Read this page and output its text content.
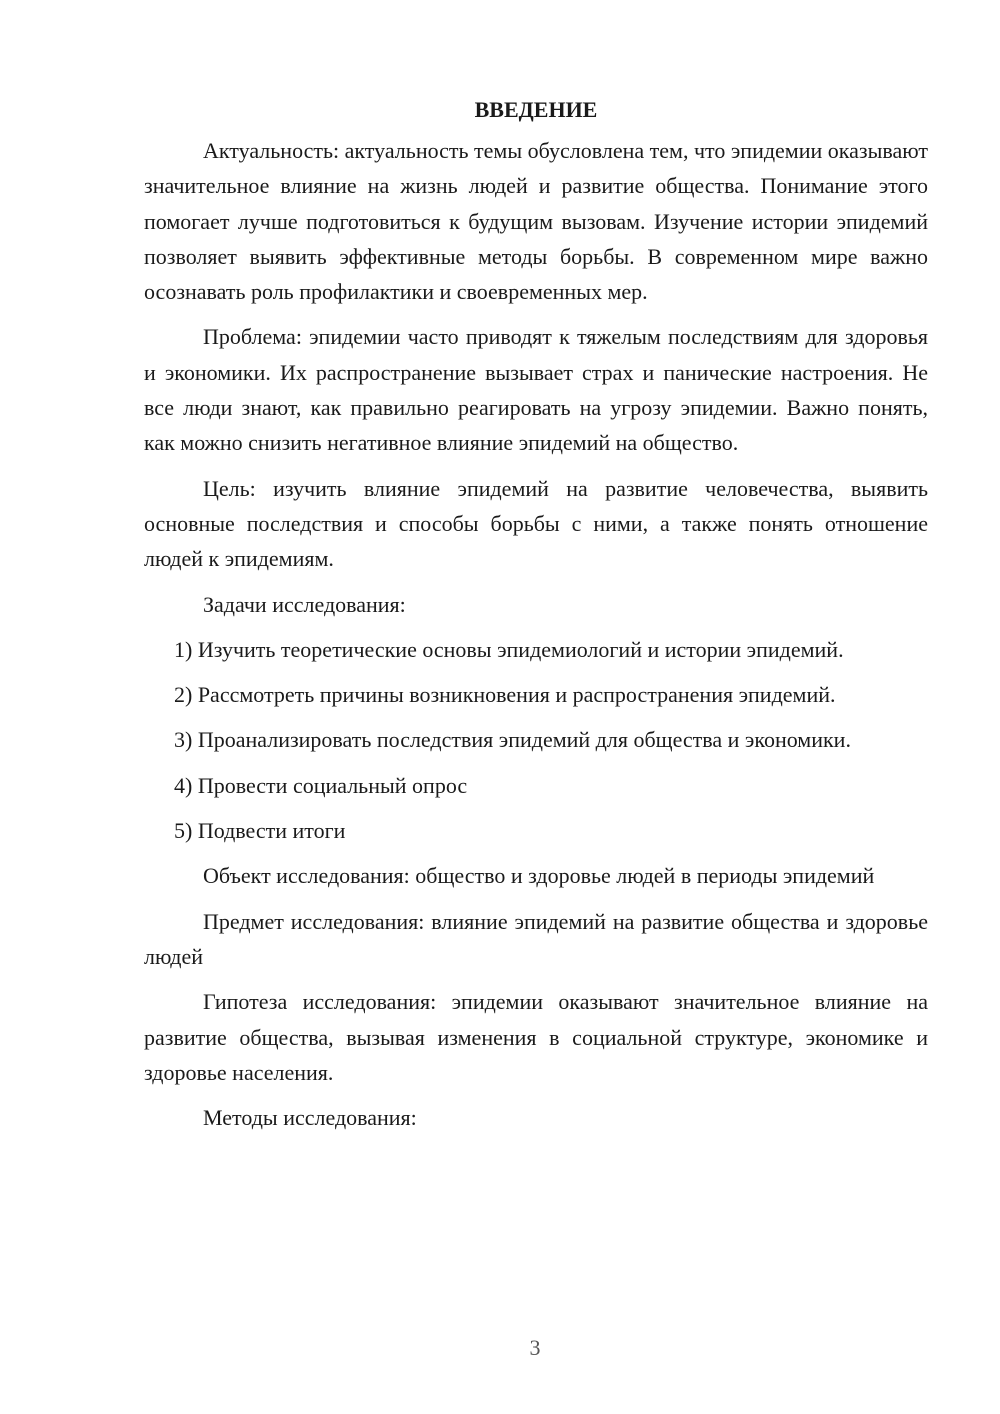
ВВЕДЕНИЕ

Актуальность: актуальность темы обусловлена тем, что эпидемии оказывают значительное влияние на жизнь людей и развитие общества. Понимание этого помогает лучше подготовиться к будущим вызовам. Изучение истории эпидемий позволяет выявить эффективные методы борьбы. В современном мире важно осознавать роль профилактики и своевременных мер.

Проблема: эпидемии часто приводят к тяжелым последствиям для здоровья и экономики. Их распространение вызывает страх и панические настроения. Не все люди знают, как правильно реагировать на угрозу эпидемии. Важно понять, как можно снизить негативное влияние эпидемий на общество.

Цель: изучить влияние эпидемий на развитие человечества, выявить основные последствия и способы борьбы с ними, а также понять отношение людей к эпидемиям.

Задачи исследования:

1) Изучить теоретические основы эпидемиологий и истории эпидемий.

2) Рассмотреть причины возникновения и распространения эпидемий.

3) Проанализировать последствия эпидемий для общества и экономики.

4) Провести социальный опрос

5) Подвести итоги

Объект исследования: общество и здоровье людей в периоды эпидемий

Предмет исследования: влияние эпидемий на развитие общества и здоровье людей

Гипотеза исследования: эпидемии оказывают значительное влияние на развитие общества, вызывая изменения в социальной структуре, экономике и здоровье населения.

Методы исследования:

3
